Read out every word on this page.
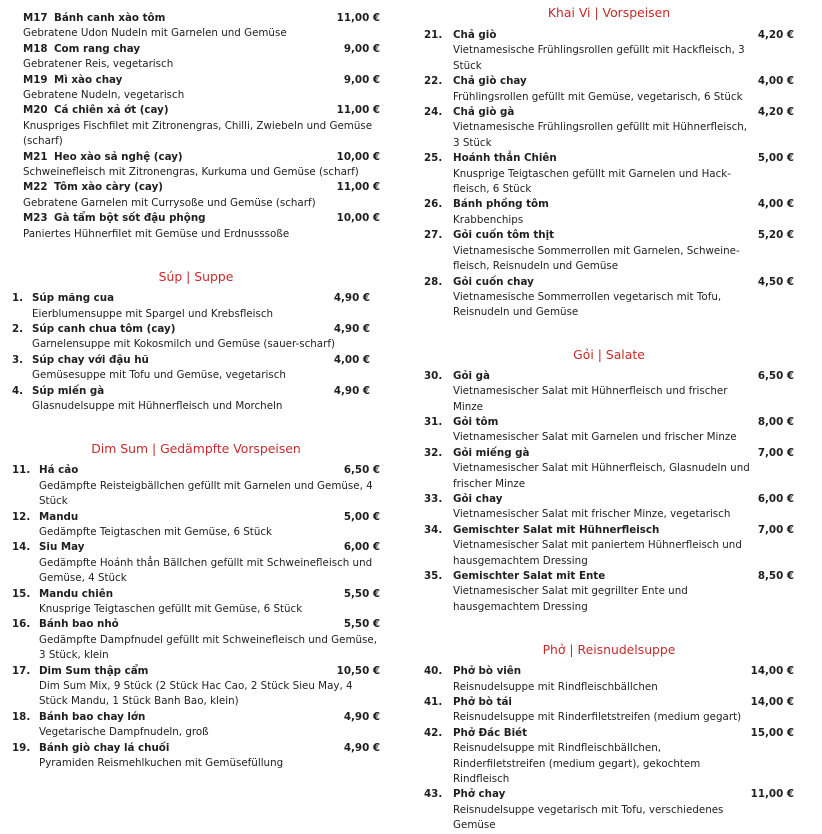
M17 Bánh canh xào tôm	11,00 €
Gebratene Udon Nudeln mit Garnelen und Gemüse
M18 Com rang chay	9,00 €
Gebratener Reis, vegetarisch
M19 Mì xào chay	9,00 €
Gebratene Nudeln, vegetarisch
M20 Cá chiên xả ớt (cay)	11,00 €
Knuspriges Fischfilet mit Zitronengras, Chilli, Zwiebeln und Gemüse (scharf)
M21 Heo xào sả nghệ (cay)	10,00 €
Schweinefleisch mit Zitronengras, Kurkuma und Gemüse (scharf)
M22 Tôm xào càry (cay)	11,00 €
Gebratene Garnelen mit Currysoße und Gemüse (scharf)
M23 Gà tẩm bột sốt đậu phộng	10,00 €
Paniertes Hühnerfilet mit Gemüse und Erdnusssoße
Súp | Suppe
1. Súp măng cua	4,90 €
Eierblumensuppe mit Spargel und Krebsfleisch
2. Súp canh chua tôm (cay)	4,90 €
Garnelensuppe mit Kokosmilch und Gemüse (sauer-scharf)
3. Súp chay với đậu hũ	4,00 €
Gemüsesuppe mit Tofu und Gemüse, vegetarisch
4. Súp miến gà	4,90 €
Glasnudelsuppe mit Hühnerfleisch und Morcheln
Dim Sum | Gedämpfte Vorspeisen
11. Há cảo	6,50 €
Gedämpfte Reisteigbällchen gefüllt mit Garnelen und Gemüse, 4 Stück
12. Mandu	5,00 €
Gedämpfte Teigtaschen mit Gemüse, 6 Stück
14. Siu May	6,00 €
Gedämpfte Hoánh thẳn Bällchen gefüllt mit Schweinefleisch und Gemüse, 4 Stück
15. Mandu chiên	5,50 €
Knusprige Teigtaschen gefüllt mit Gemüse, 6 Stück
16. Bánh bao nhỏ	5,50 €
Gedämpfte Dampfnudel gefüllt mit Schweinefleisch und Gemüse, 3 Stück, klein
17. Dim Sum thập cẩm	10,50 €
Dim Sum Mix, 9 Stück (2 Stück Hac Cao, 2 Stück Sieu May, 4 Stück Mandu, 1 Stück Banh Bao, klein)
18. Bánh bao chay lớn	4,90 €
Vegetarische Dampfnudeln, groß
19. Bánh giò chay lá chuối	4,90 €
Pyramiden Reismehlkuchen mit Gemüsefüllung
Khai Vi | Vorspeisen
21.	Chả giò	4,20 €
Vietnamesische Frühlingsrollen gefüllt mit Hackfleisch, 3 Stück
22.	Chả giò chay	4,00 €
Frühlingsrollen gefüllt mit Gemüse, vegetarisch, 6 Stück
24.	Chả giò gà	4,20 €
Vietnamesische Frühlingsrollen gefüllt mit Hühnerfleisch, 3 Stück
25.	Hoánh thẳn Chiên	5,00 €
Knusprige Teigtaschen gefüllt mit Garnelen und Hack-fleisch, 6 Stück
26.	Bánh phồng tôm	4,00 €
Krabbenchips
27.	Gỏi cuốn tôm thịt	5,20 €
Vietnamesische Sommerrollen mit Garnelen, Schweine-fleisch, Reisnudeln und Gemüse
28.	Gỏi cuốn chay	4,50 €
Vietnamesische Sommerrollen vegetarisch mit Tofu, Reisnudeln und Gemüse
Gỏi | Salate
30.	Gỏi gà	6,50 €
Vietnamesischer Salat mit Hühnerfleisch und frischer Minze
31.	Gỏi tôm	8,00 €
Vietnamesischer Salat mit Garnelen und frischer Minze
32.	Gỏi miếng gà	7,00 €
Vietnamesischer Salat mit Hühnerfleisch, Glasnudeln und frischer Minze
33.	Gỏi chay	6,00 €
Vietnamesischer Salat mit frischer Minze, vegetarisch
34.	Gemischter Salat mit Hühnerfleisch	7,00 €
Vietnamesischer Salat mit paniertem Hühnerfleisch und hausgemachtem Dressing
35.	Gemischter Salat mit Ente	8,50 €
Vietnamesischer Salat mit gegrillter Ente und hausgemachtem Dressing
Phở | Reisnudelsuppe
40.	Phở bò viên	14,00 €
Reisnudelsuppe mit Rindfleischbällchen
41.	Phở bò tái	14,00 €
Reisnudelsuppe mit Rinderfiletstreifen (medium gegart)
42.	Phở Đác Biét	15,00 €
Reisnudelsuppe mit Rindfleischbällchen, Rinderfiletstreifen (medium gegart), gekochtem Rindfleisch
43.	Phở chay	11,00 €
Reisnudelsuppe vegetarisch mit Tofu, verschiedenes Gemüse
